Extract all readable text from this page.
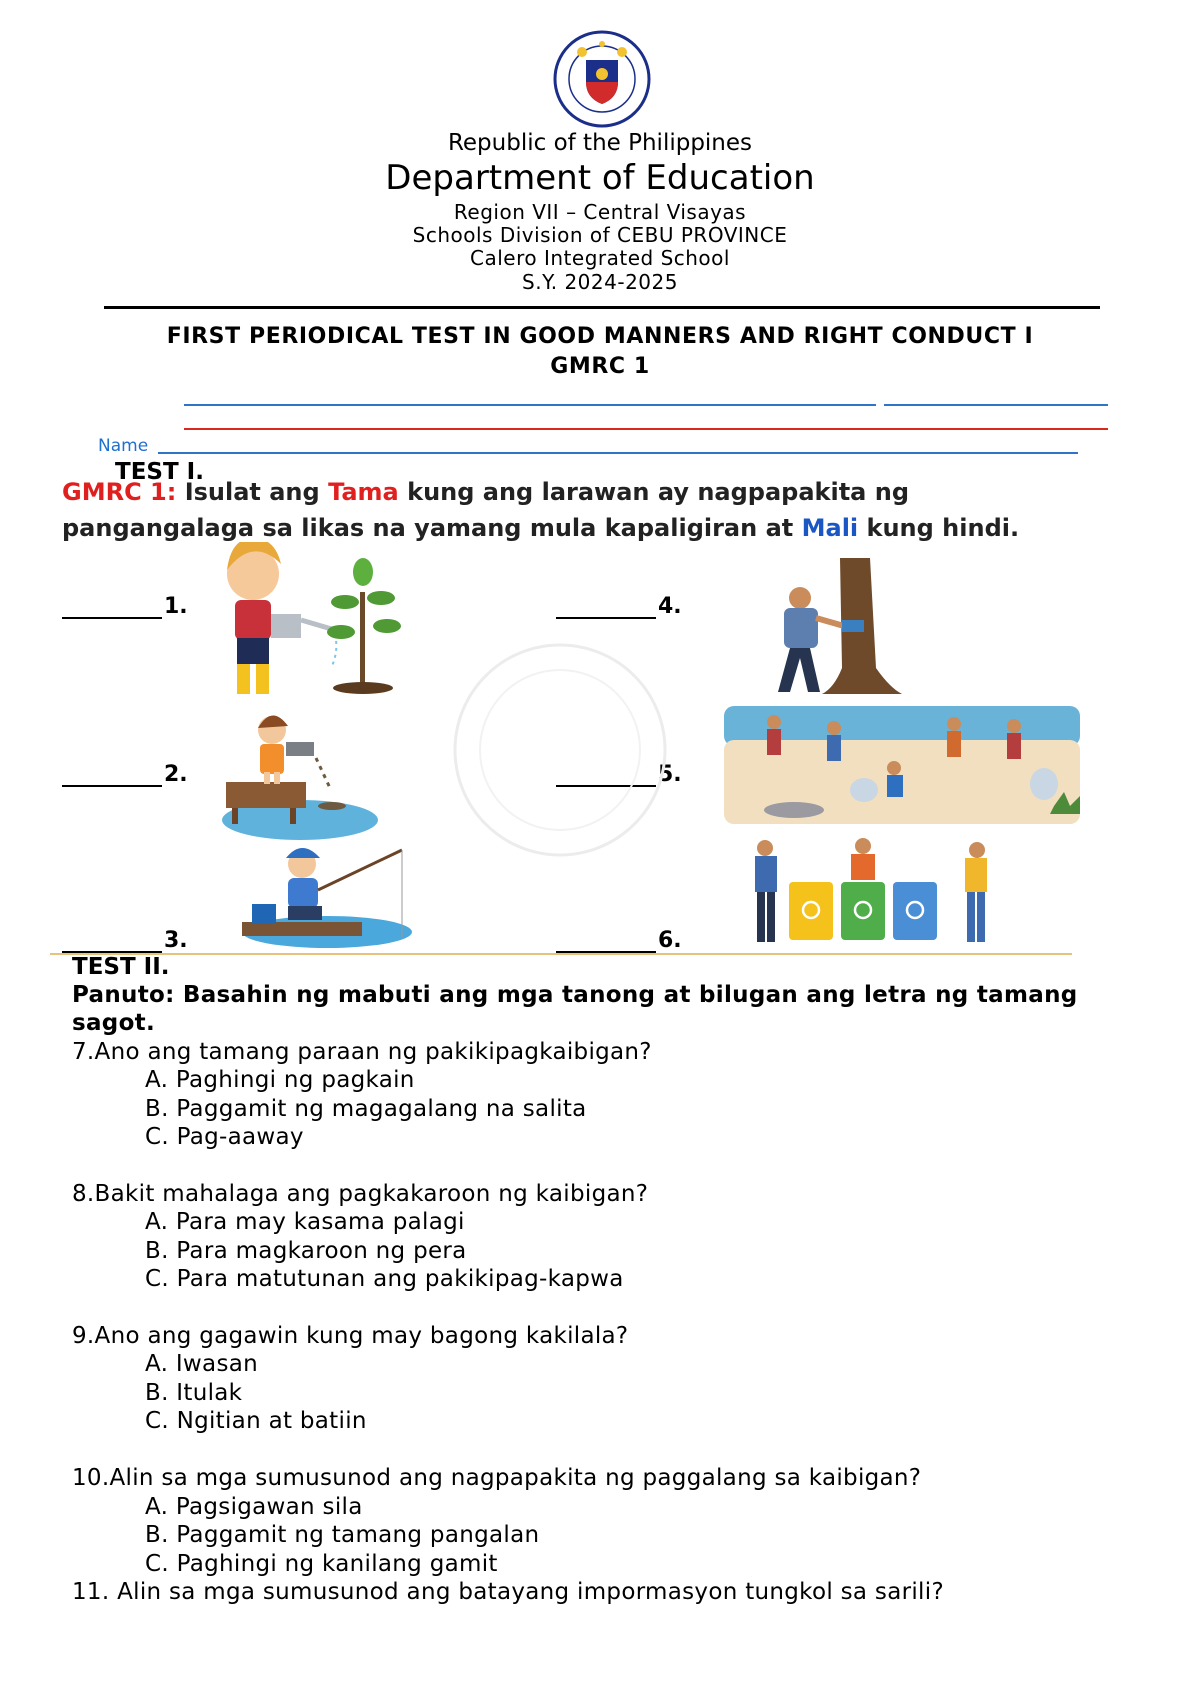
Republic of the Philippines
Department of Education
Region VII – Central Visayas
Schools Division of CEBU PROVINCE
Calero Integrated School
S.Y. 2024-2025
FIRST PERIODICAL TEST IN GOOD MANNERS AND RIGHT CONDUCT I
GMRC 1
Name
TEST I.
GMRC 1: Isulat ang Tama kung ang larawan ay nagpapakita ng
pangangalaga sa likas na yamang mula kapaligiran at Mali kung hindi.
1.
2.
3.
4.
5.
6.
TEST II.
Panuto: Basahin ng mabuti ang mga tanong at bilugan ang letra ng tamang
sagot.
7.Ano ang tamang paraan ng pakikipagkaibigan?
A. Paghingi ng pagkain
B. Paggamit ng magagalang na salita
C. Pag-aaway
8.Bakit mahalaga ang pagkakaroon ng kaibigan?
A. Para may kasama palagi
B. Para magkaroon ng pera
C. Para matutunan ang pakikipag-kapwa
9.Ano ang gagawin kung may bagong kakilala?
A. Iwasan
B. Itulak
C. Ngitian at batiin
10.Alin sa mga sumusunod ang nagpapakita ng paggalang sa kaibigan?
A. Pagsigawan sila
B. Paggamit ng tamang pangalan
C. Paghingi ng kanilang gamit
11. Alin sa mga sumusunod ang batayang impormasyon tungkol sa sarili?
